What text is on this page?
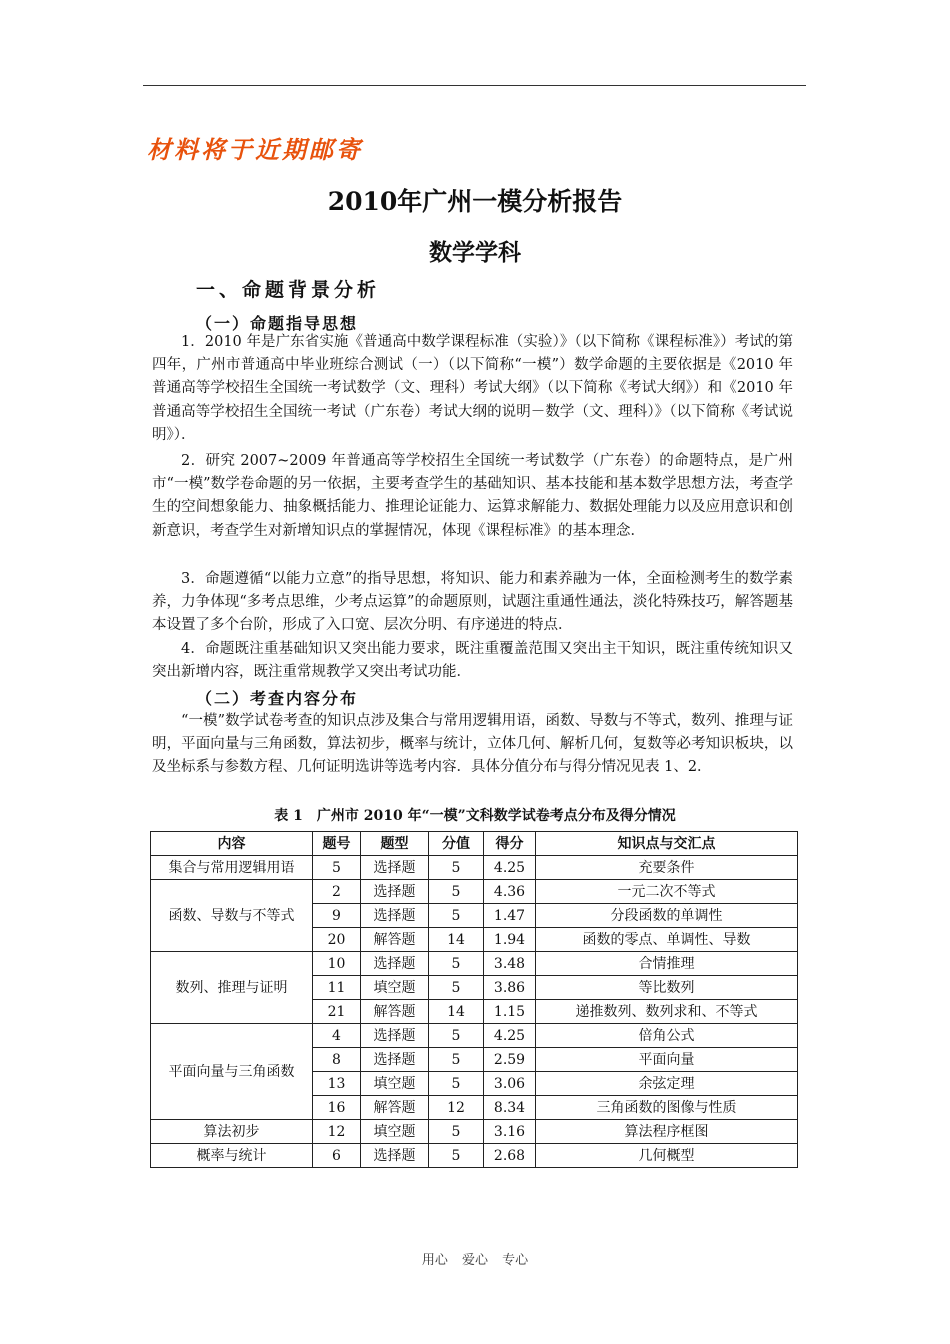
材料将于近期邮寄
2010年广州一模分析报告
数学学科
一、命题背景分析
（一）命题指导思想

1．2010 年是广东省实施《普通高中数学课程标准（实验）》（以下简称《课程标准》）考试的第四年，广州市普通高中毕业班综合测试（一）（以下简称“一模”）数学命题的主要依据是《2010 年普通高等学校招生全国统一考试数学（文、理科）考试大纲》（以下简称《考试大纲》）和《2010 年普通高等学校招生全国统一考试（广东卷）考试大纲的说明－数学（文、理科）》（以下简称《考试说明》）．

2．研究 2007~2009 年普通高等学校招生全国统一考试数学（广东卷）的命题特点，是广州市“一模”数学卷命题的另一依据，主要考查学生的基础知识、基本技能和基本数学思想方法，考查学生的空间想象能力、抽象概括能力、推理论证能力、运算求解能力、数据处理能力以及应用意识和创新意识，考查学生对新增知识点的掌握情况，体现《课程标准》的基本理念．

3．命题遵循“以能力立意”的指导思想，将知识、能力和素养融为一体，全面检测考生的数学素养，力争体现“多考点思维，少考点运算”的命题原则，试题注重通性通法，淡化特殊技巧，解答题基本设置了多个台阶，形成了入口宽、层次分明、有序递进的特点．

4．命题既注重基础知识又突出能力要求，既注重覆盖范围又突出主干知识，既注重传统知识又突出新增内容，既注重常规教学又突出考试功能．

（二）考查内容分布

“一模”数学试卷考查的知识点涉及集合与常用逻辑用语，函数、导数与不等式，数列、推理与证明，平面向量与三角函数，算法初步，概率与统计，立体几何、解析几何，复数等必考知识板块，以及坐标系与参数方程、几何证明选讲等选考内容．具体分值分布与得分情况见表 1、2．

表 1　广州市 2010 年“一模”文科数学试卷考点分布及得分情况
内容	题号	题型	分值	得分	知识点与交汇点
集合与常用逻辑用语	5	选择题	5	4.25	充要条件
函数、导数与不等式	2	选择题	5	4.36	一元二次不等式
	9	选择题	5	1.47	分段函数的单调性
	20	解答题	14	1.94	函数的零点、单调性、导数
数列、推理与证明	10	选择题	5	3.48	合情推理
	11	填空题	5	3.86	等比数列
	21	解答题	14	1.15	递推数列、数列求和、不等式
平面向量与三角函数	4	选择题	5	4.25	倍角公式
	8	选择题	5	2.59	平面向量
	13	填空题	5	3.06	余弦定理
	16	解答题	12	8.34	三角函数的图像与性质
算法初步	12	填空题	5	3.16	算法程序框图
概率与统计	6	选择题	5	2.68	几何概型
用心 爱心 专心
